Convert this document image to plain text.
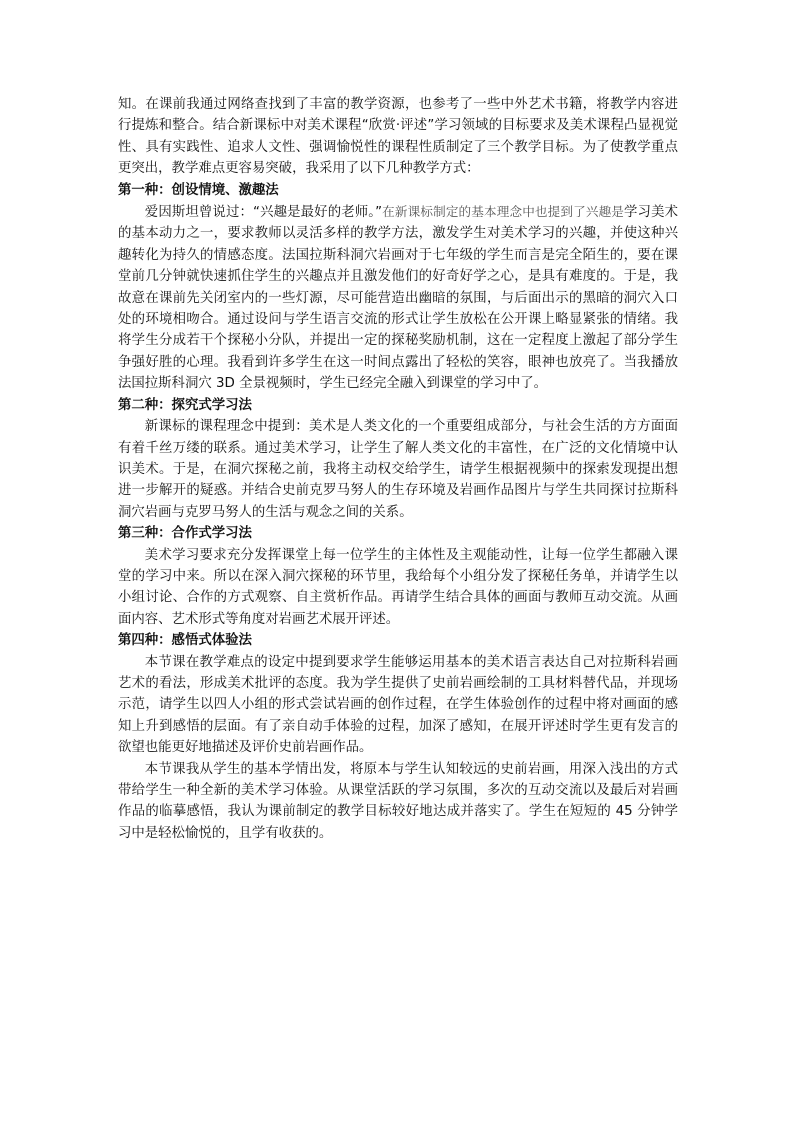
知。在课前我通过网络查找到了丰富的教学资源，也参考了一些中外艺术书籍，将教学内容进行提炼和整合。结合新课标中对美术课程“欣赏·评述”学习领域的目标要求及美术课程凸显视觉性、具有实践性、追求人文性、强调愉悦性的课程性质制定了三个教学目标。为了使教学重点更突出，教学难点更容易突破，我采用了以下几种教学方式：

第一种：创设情境、激趣法

爱因斯坦曾说过：“兴趣是最好的老师。”在新课标制定的基本理念中也提到了兴趣是学习美术的基本动力之一，要求教师以灵活多样的教学方法，激发学生对美术学习的兴趣，并使这种兴趣转化为持久的情感态度。法国拉斯科洞穴岩画对于七年级的学生而言是完全陌生的，要在课堂前几分钟就快速抓住学生的兴趣点并且激发他们的好奇好学之心，是具有难度的。于是，我故意在课前先关闭室内的一些灯源，尽可能营造出幽暗的氛围，与后面出示的黑暗的洞穴入口处的环境相吻合。通过设问与学生语言交流的形式让学生放松在公开课上略显紧张的情绪。我将学生分成若干个探秘小分队，并提出一定的探秘奖励机制，这在一定程度上激起了部分学生争强好胜的心理。我看到许多学生在这一时间点露出了轻松的笑容，眼神也放亮了。当我播放法国拉斯科洞穴 3D 全景视频时，学生已经完全融入到课堂的学习中了。

第二种：探究式学习法

新课标的课程理念中提到：美术是人类文化的一个重要组成部分，与社会生活的方方面面有着千丝万缕的联系。通过美术学习，让学生了解人类文化的丰富性，在广泛的文化情境中认识美术。于是，在洞穴探秘之前，我将主动权交给学生，请学生根据视频中的探索发现提出想进一步解开的疑惑。并结合史前克罗马努人的生存环境及岩画作品图片与学生共同探讨拉斯科洞穴岩画与克罗马努人的生活与观念之间的关系。

第三种：合作式学习法

美术学习要求充分发挥课堂上每一位学生的主体性及主观能动性，让每一位学生都融入课堂的学习中来。所以在深入洞穴探秘的环节里，我给每个小组分发了探秘任务单，并请学生以小组讨论、合作的方式观察、自主赏析作品。再请学生结合具体的画面与教师互动交流。从画面内容、艺术形式等角度对岩画艺术展开评述。

第四种：感悟式体验法

本节课在教学难点的设定中提到要求学生能够运用基本的美术语言表达自己对拉斯科岩画艺术的看法，形成美术批评的态度。我为学生提供了史前岩画绘制的工具材料替代品，并现场示范，请学生以四人小组的形式尝试岩画的创作过程，在学生体验创作的过程中将对画面的感知上升到感悟的层面。有了亲自动手体验的过程，加深了感知，在展开评述时学生更有发言的欲望也能更好地描述及评价史前岩画作品。

本节课我从学生的基本学情出发，将原本与学生认知较远的史前岩画，用深入浅出的方式带给学生一种全新的美术学习体验。从课堂活跃的学习氛围，多次的互动交流以及最后对岩画作品的临摹感悟，我认为课前制定的教学目标较好地达成并落实了。学生在短短的 45 分钟学习中是轻松愉悦的，且学有收获的。
